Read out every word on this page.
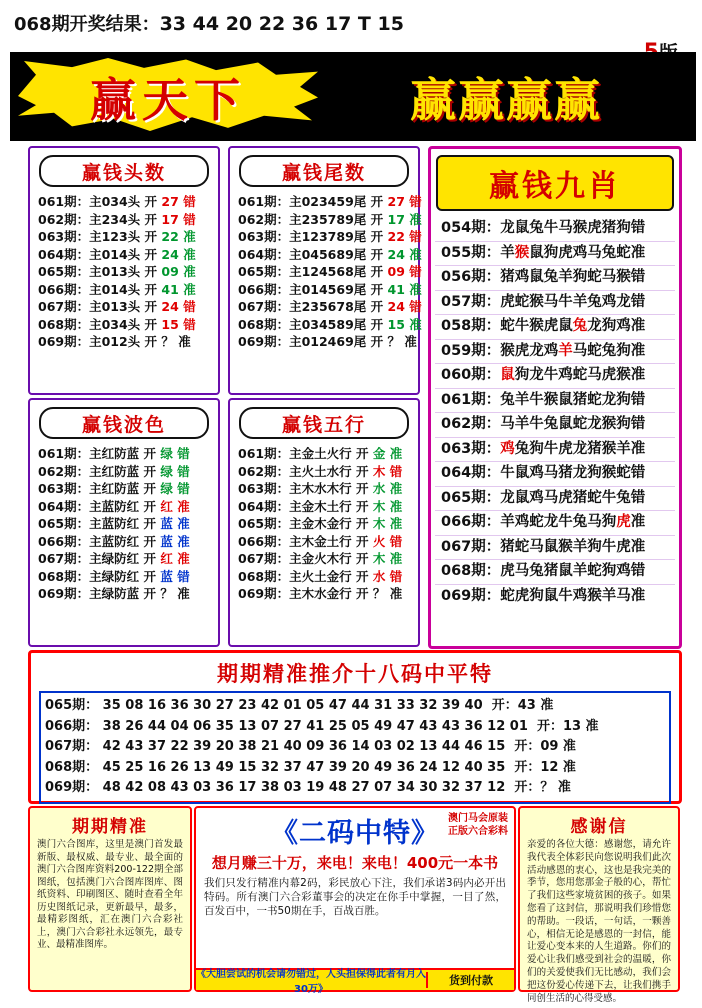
068期开奖结果：33 44 20 22 36 17 T 15
赢天下	赢赢赢赢
赢钱头数
061期：主034头 开 27 错
062期：主234头 开 17 错
063期：主123头 开 22 准
064期：主014头 开 24 准
065期：主013头 开 09 准
066期：主014头 开 41 准
067期：主013头 开 24 错
068期：主034头 开 15 错
069期：主012头 开 ？ 准
赢钱尾数
061期：主023459尾 开 27 错
062期：主235789尾 开 17 准
063期：主123789尾 开 22 错
064期：主045689尾 开 24 准
065期：主124568尾 开 09 错
066期：主014569尾 开 41 准
067期：主235678尾 开 24 错
068期：主034589尾 开 15 准
069期：主012469尾 开 ？ 准
赢钱波色
061期：主红防蓝 开 绿 错
062期：主红防蓝 开 绿 错
063期：主红防蓝 开 绿 错
064期：主蓝防红 开 红 准
065期：主蓝防红 开 蓝 准
066期：主蓝防红 开 蓝 准
067期：主绿防红 开 红 准
068期：主绿防红 开 蓝 错
069期：主绿防蓝 开 ？ 准
赢钱五行
061期：主金土火行 开 金 准
062期：主火土水行 开 木 错
063期：主木水木行 开 水 准
064期：主金木土行 开 木 准
065期：主金木金行 开 木 准
066期：主木金土行 开 火 错
067期：主金火木行 开 木 准
068期：主火土金行 开 水 错
069期：主木水金行 开 ？ 准
赢钱九肖
054期：龙鼠兔牛马猴虎猪狗错
055期：羊猴鼠狗虎鸡马兔蛇准
056期：猪鸡鼠兔羊狗蛇马猴错
057期：虎蛇猴马牛羊兔鸡龙错
058期：蛇牛猴虎鼠兔龙狗鸡准
059期：猴虎龙鸡羊马蛇兔狗准
060期：鼠狗龙牛鸡蛇马虎猴准
061期：兔羊牛猴鼠猪蛇龙狗错
062期：马羊牛兔鼠蛇龙猴狗错
063期：鸡兔狗牛虎龙猪猴羊准
064期：牛鼠鸡马猪龙狗猴蛇错
065期：龙鼠鸡马虎猪蛇牛兔错
066期：羊鸡蛇龙牛兔马狗虎准
067期：猪蛇马鼠猴羊狗牛虎准
068期：虎马兔猪鼠羊蛇狗鸡错
069期：蛇虎狗鼠牛鸡猴羊马准
期期精准推介十八码中平特
065期： 35 08 16 36 30 27 23 42 01 05 47 44 31 33 32 39 40 开：43 准
066期： 38 26 44 04 06 35 13 07 27 41 25 05 49 47 43 43 36 12 01 开：13 准
067期： 42 43 37 22 39 20 38 21 40 09 36 14 03 02 13 44 46 15 开：09 准
068期： 45 25 16 26 13 49 15 32 37 47 39 20 49 36 24 12 40 35 开：12 准
069期： 48 42 08 43 03 36 17 38 03 19 48 27 07 34 30 32 37 12 开：？ 准
期期精准
澳门六合图库，这里是澳门首发最新版、最权威、最专业、最全面的澳门六合图库资料200-122期全部图纸，包括澳门六合图库图库、图纸资料、印刷图区、随时查看全年历史图纸记录，更新最早，最多，最精彩图纸，汇在澳门六合彩社上，澳门六合彩社永远领先，最专业、最精准图库。
澳门马会原装
正版六合彩料
《二码中特》
想月赚三十万，来电！来电！400元一本书
我们只发行精准内幕2码，彩民放心下注，我们承诺3码内必开出特码。所有澳门六合彩董事会的决定在你手中掌握，一目了然，百发百中，一书50期在手，百战百胜。
《大胆尝试的机会请勿错过，人头担保得此者有月入30万》
货到付款
感谢信
亲爱的各位大德：感谢您，请允许我代表全体彩民向您说明我们此次活动感恩的衷心，这也是我完美的季节，您用您那金子般的心，帮忙了我们这些家境贫困的孩子。如果您看了这封信，那说明我们珍惜您的帮助。一段话，一句话，一颗善心，相信无论是感恩的一封信，能让爱心变本来的人生道路。你们的爱心让我们感受到社会的温暖，你们的关爱使我们无比感动，我们会把这份爱心传递下去，让我们携手同创生活的心得受感。
